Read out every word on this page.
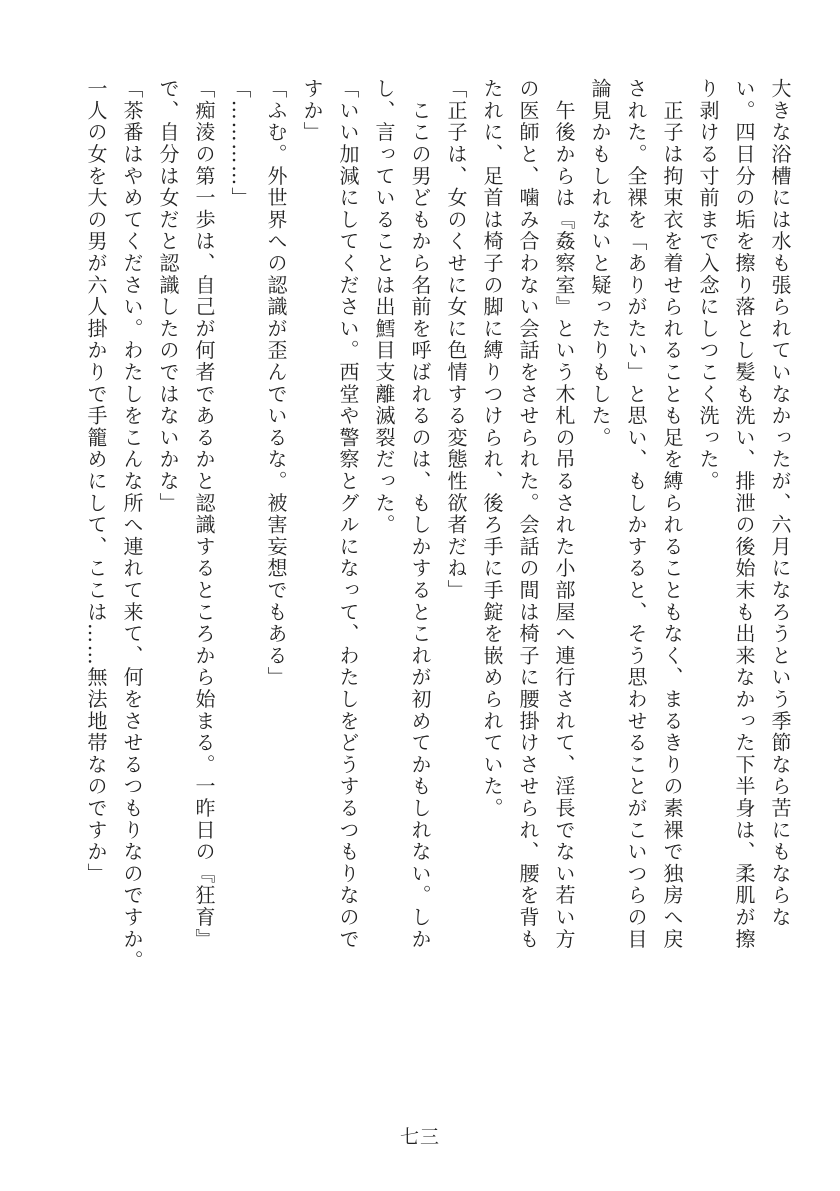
大きな浴槽には水も張られていなかったが、六月になろうという季節なら苦にもならな
い。四日分の垢を擦り落とし髪も洗い、排泄の後始末も出来なかった下半身は、柔肌が擦
り剥ける寸前まで入念にしつこく洗った。
　正子は拘束衣を着せられることも足を縛られることもなく、まるきりの素裸で独房へ戻
された。全裸を「ありがたい」と思い、もしかすると、そう思わせることがこいつらの目
論見かもしれないと疑ったりもした。
　午後からは『姦察室』という木札の吊るされた小部屋へ連行されて、淫長でない若い方
の医師と、噛み合わない会話をさせられた。会話の間は椅子に腰掛けさせられ、腰を背も
たれに、足首は椅子の脚に縛りつけられ、後ろ手に手錠を嵌められていた。
「正子は、女のくせに女に色情する変態性欲者だね」
　ここの男どもから名前を呼ばれるのは、もしかするとこれが初めてかもしれない。しか
し、言っていることは出鱈目支離滅裂だった。
「いい加減にしてください。西堂や警察とグルになって、わたしをどうするつもりなので
すか」
「ふむ。外世界への認識が歪んでいるな。被害妄想でもある」
「…………」
「痴淩の第一歩は、自己が何者であるかと認識するところから始まる。一昨日の『狂育』
で、自分は女だと認識したのではないかな」
「茶番はやめてください。わたしをこんな所へ連れて来て、何をさせるつもりなのですか。
一人の女を大の男が六人掛かりで手籠めにして、ここは……無法地帯なのですか」
七三
